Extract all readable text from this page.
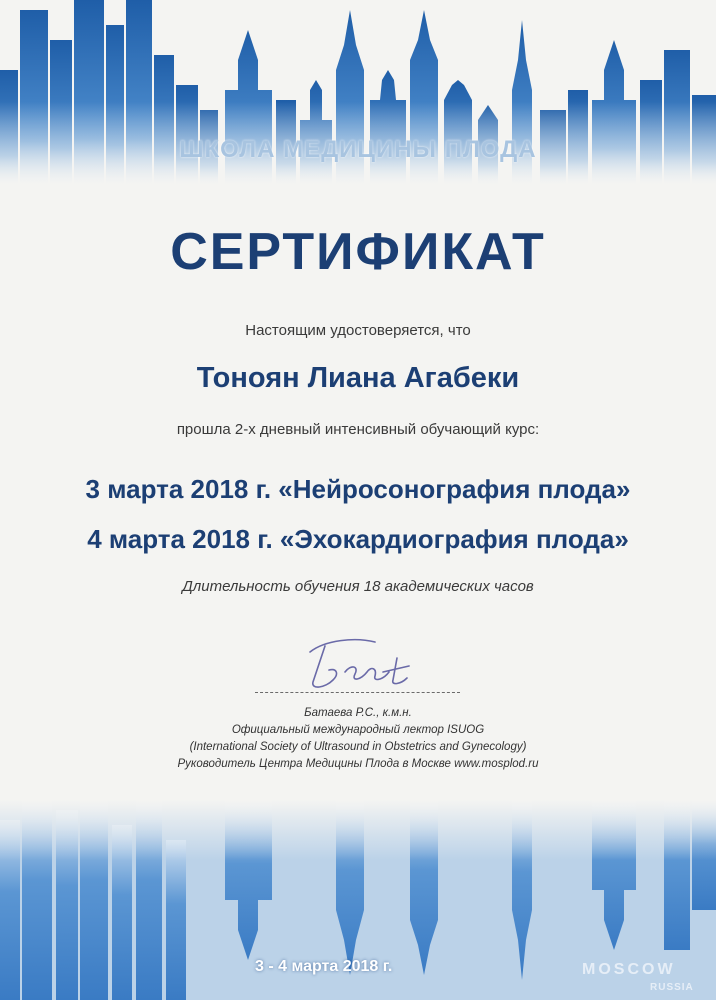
ШКОЛА МЕДИЦИНЫ ПЛОДА
СЕРТИФИКАТ
Настоящим удостоверяется, что
Тоноян Лиана Агабеки
прошла 2-х дневный интенсивный обучающий курс:
3 марта 2018 г. «Нейросонография плода»
4 марта 2018 г. «Эхокардиография плода»
Длительность обучения 18 академических часов
Батаева Р.С., к.м.н.
Официальный международный лектор ISUOG
(International Society of Ultrasound in Obstetrics and Gynecology)
Руководитель Центра Медицины Плода в Москве www.mosplod.ru
3 - 4 марта 2018 г.	MOSCOW
RUSSIA
